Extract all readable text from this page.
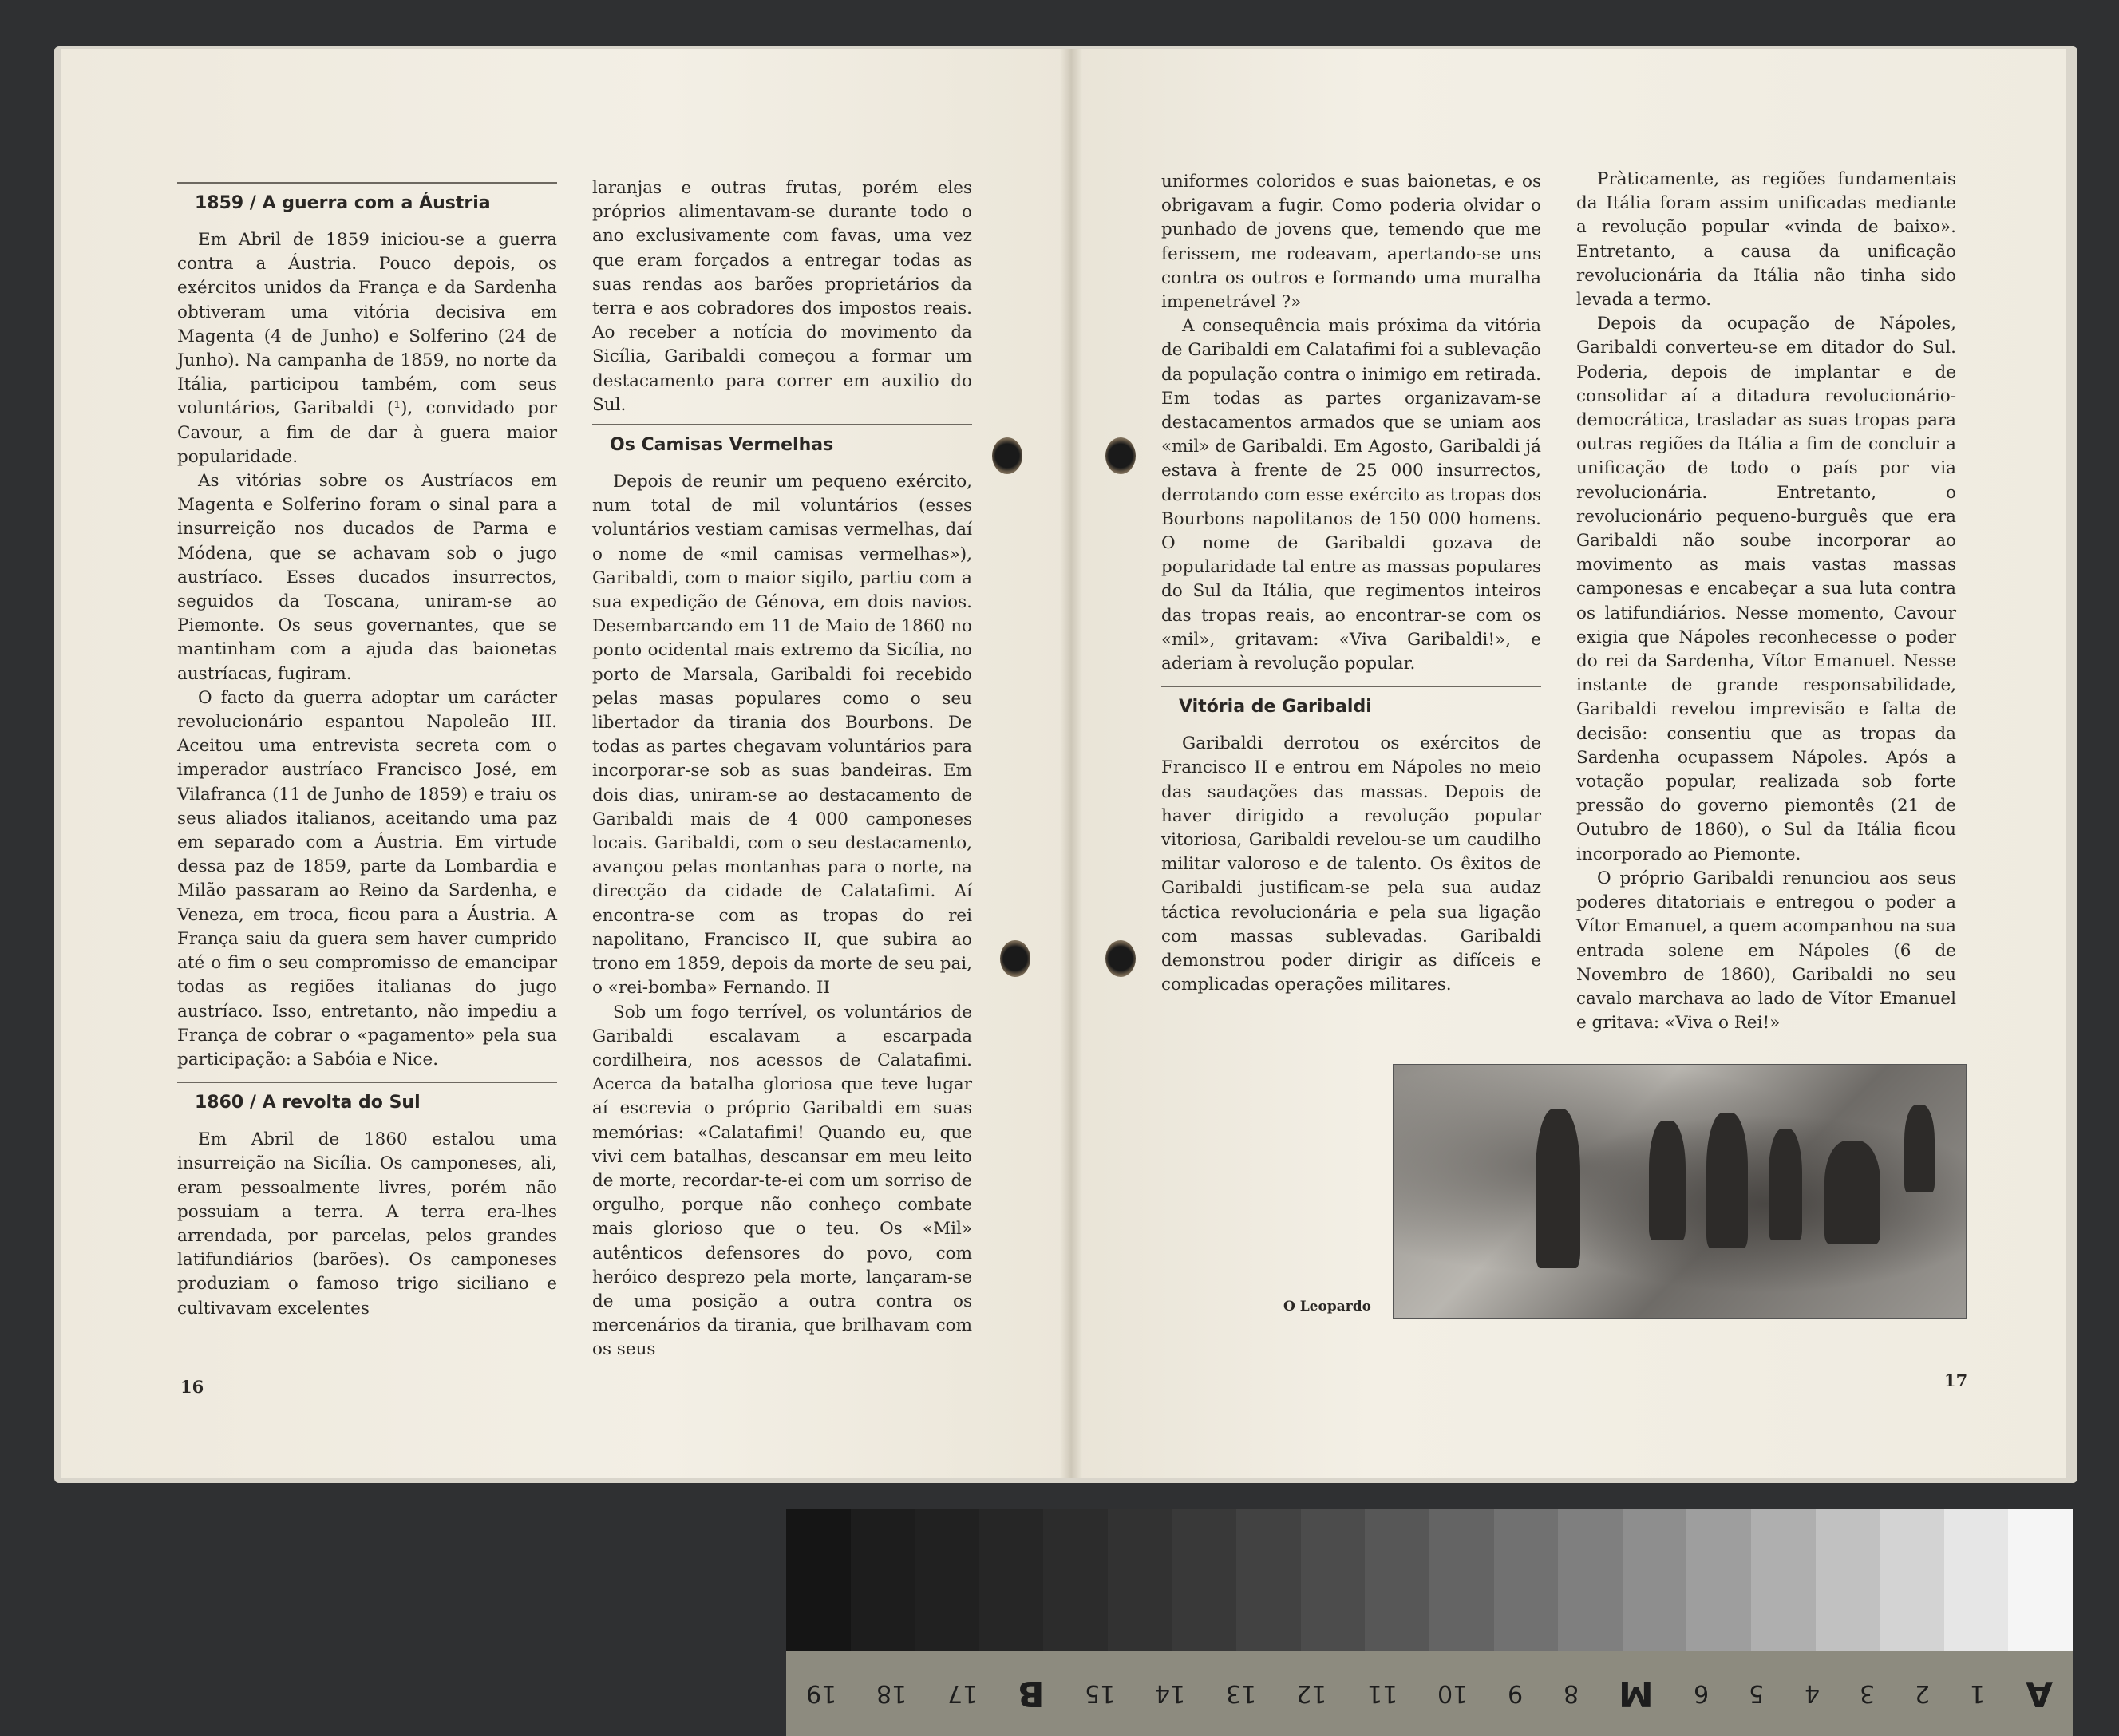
1859 / A guerra com a Áustria

Em Abril de 1859 iniciou-se a guerra contra a Áustria. Pouco depois, os exércitos unidos da França e da Sardenha obtiveram uma vitória decisiva em Magenta (4 de Junho) e Solferino (24 de Junho). Na campanha de 1859, no norte da Itália, participou também, com seus voluntários, Garibaldi (¹), convidado por Cavour, a fim de dar à guera maior popularidade.

As vitórias sobre os Austríacos em Magenta e Solferino foram o sinal para a insurreição nos ducados de Parma e Módena, que se achavam sob o jugo austríaco. Esses ducados insurrectos, seguidos da Toscana, uniram-se ao Piemonte. Os seus governantes, que se mantinham com a ajuda das baionetas austríacas, fugiram.

O facto da guerra adoptar um carácter revolucionário espantou Napoleão III. Aceitou uma entrevista secreta com o imperador austríaco Francisco José, em Vilafranca (11 de Junho de 1859) e traiu os seus aliados italianos, aceitando uma paz em separado com a Áustria. Em virtude dessa paz de 1859, parte da Lombardia e Milão passaram ao Reino da Sardenha, e Veneza, em troca, ficou para a Áustria. A França saiu da guera sem haver cumprido até o fim o seu compromisso de emancipar todas as regiões italianas do jugo austríaco. Isso, entretanto, não impediu a França de cobrar o «pagamento» pela sua participação: a Sabóia e Nice.

1860 / A revolta do Sul

Em Abril de 1860 estalou uma insurreição na Sicília. Os camponeses, ali, eram pessoalmente livres, porém não possuiam a terra. A terra era-lhes arrendada, por parcelas, pelos grandes latifundiários (barões). Os camponeses produziam o famoso trigo siciliano e cultivavam excelentes

laranjas e outras frutas, porém eles próprios alimentavam-se durante todo o ano exclusivamente com favas, uma vez que eram forçados a entregar todas as suas rendas aos barões proprietários da terra e aos cobradores dos impostos reais. Ao receber a notícia do movimento da Sicília, Garibaldi começou a formar um destacamento para correr em auxilio do Sul.

Os Camisas Vermelhas

Depois de reunir um pequeno exército, num total de mil voluntários (esses voluntários vestiam camisas vermelhas, daí o nome de «mil camisas vermelhas»), Garibaldi, com o maior sigilo, partiu com a sua expedição de Génova, em dois navios. Desembarcando em 11 de Maio de 1860 no ponto ocidental mais extremo da Sicília, no porto de Marsala, Garibaldi foi recebido pelas masas populares como o seu libertador da tirania dos Bourbons. De todas as partes chegavam voluntários para incorporar-se sob as suas bandeiras. Em dois dias, uniram-se ao destacamento de Garibaldi mais de 4 000 camponeses locais. Garibaldi, com o seu destacamento, avançou pelas montanhas para o norte, na direcção da cidade de Calatafimi. Aí encontra-se com as tropas do rei napolitano, Francisco II, que subira ao trono em 1859, depois da morte de seu pai, o «rei-bomba» Fernando. II

Sob um fogo terrível, os voluntários de Garibaldi escalavam a escarpada cordilheira, nos acessos de Calatafimi. Acerca da batalha gloriosa que teve lugar aí escrevia o próprio Garibaldi em suas memórias: «Calatafimi! Quando eu, que vivi cem batalhas, descansar em meu leito de morte, recordar-te-ei com um sorriso de orgulho, porque não conheço combate mais glorioso que o teu. Os «Mil» autênticos defensores do povo, com heróico desprezo pela morte, lançaram-se de uma posição a outra contra os mercenários da tirania, que brilhavam com os seus

16

uniformes coloridos e suas baionetas, e os obrigavam a fugir. Como poderia olvidar o punhado de jovens que, temendo que me ferissem, me rodeavam, apertando-se uns contra os outros e formando uma muralha impenetrável ?»

A consequência mais próxima da vitória de Garibaldi em Calatafimi foi a sublevação da população contra o inimigo em retirada. Em todas as partes organizavam-se destacamentos armados que se uniam aos «mil» de Garibaldi. Em Agosto, Garibaldi já estava à frente de 25 000 insurrectos, derrotando com esse exército as tropas dos Bourbons napolitanos de 150 000 homens. O nome de Garibaldi gozava de popularidade tal entre as massas populares do Sul da Itália, que regimentos inteiros das tropas reais, ao encontrar-se com os «mil», gritavam: «Viva Garibaldi!», e aderiam à revolução popular.

Vitória de Garibaldi

Garibaldi derrotou os exércitos de Francisco II e entrou em Nápoles no meio das saudações das massas. Depois de haver dirigido a revolução popular vitoriosa, Garibaldi revelou-se um caudilho militar valoroso e de talento. Os êxitos de Garibaldi justificam-se pela sua audaz táctica revolucionária e pela sua ligação com massas sublevadas. Garibaldi demonstrou poder dirigir as difíceis e complicadas operações militares.

Pràticamente, as regiões fundamentais da Itália foram assim unificadas mediante a revolução popular «vinda de baixo». Entretanto, a causa da unificação revolucionária da Itália não tinha sido levada a termo.

Depois da ocupação de Nápoles, Garibaldi converteu-se em ditador do Sul. Poderia, depois de implantar e de consolidar aí a ditadura revolucionário-democrática, trasladar as suas tropas para outras regiões da Itália a fim de concluir a unificação de todo o país por via revolucionária. Entretanto, o revolucionário pequeno-burguês que era Garibaldi não soube incorporar ao movimento as mais vastas massas camponesas e encabeçar a sua luta contra os latifundiários. Nesse momento, Cavour exigia que Nápoles reconhecesse o poder do rei da Sardenha, Vítor Emanuel. Nesse instante de grande responsabilidade, Garibaldi revelou imprevisão e falta de decisão: consentiu que as tropas da Sardenha ocupassem Nápoles. Após a votação popular, realizada sob forte pressão do governo piemontês (21 de Outubro de 1860), o Sul da Itália ficou incorporado ao Piemonte.

O próprio Garibaldi renunciou aos seus poderes ditatoriais e entregou o poder a Vítor Emanuel, a quem acompanhou na sua entrada solene em Nápoles (6 de Novembro de 1860), Garibaldi no seu cavalo marchava ao lado de Vítor Emanuel e gritava: «Viva o Rei!»

O Leopardo
17
19 18 17 B 15 14 13 12 11 10 9 8 M 6 5 4 3 2 1 A
